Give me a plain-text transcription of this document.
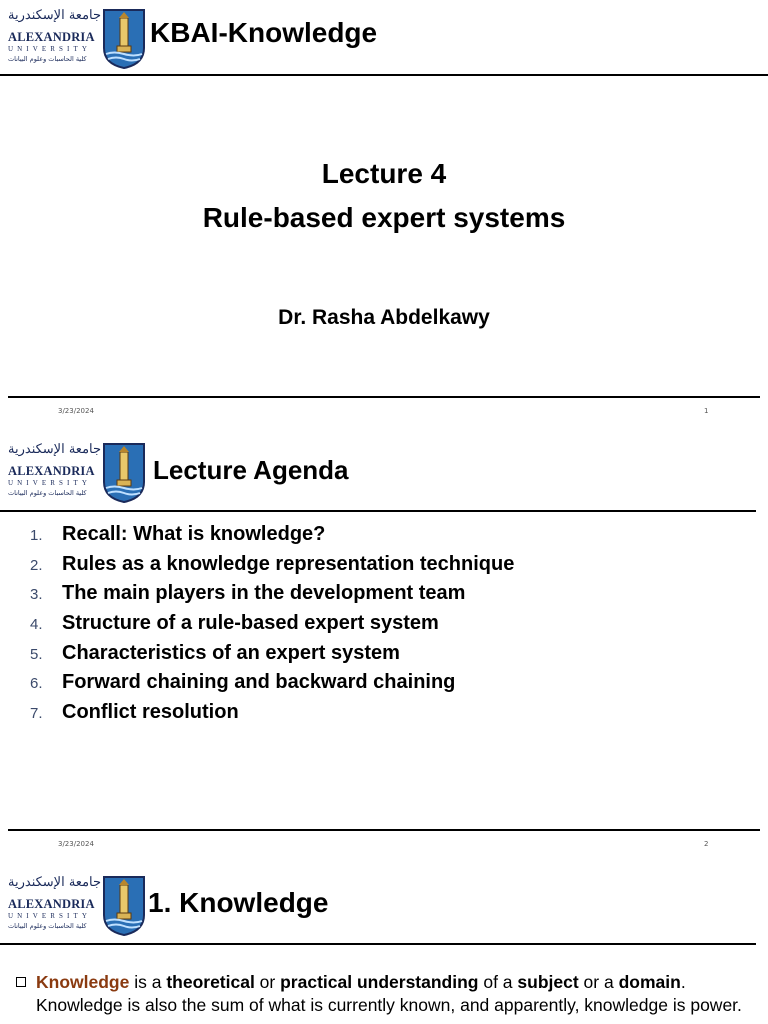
جامعة الإسكندرية
ALEXANDRIA
UNIVERSITY
كلية الحاسبات وعلوم البيانات
KBAI-Knowledge
Lecture 4
Rule-based expert systems
Dr. Rasha Abdelkawy
3/23/2024	1
جامعة الإسكندرية
ALEXANDRIA
UNIVERSITY
كلية الحاسبات وعلوم البيانات
Lecture Agenda
1. Recall: What is knowledge?
2. Rules as a knowledge representation technique
3. The main players in the development team
4. Structure of a rule-based expert system
5. Characteristics of an expert system
6. Forward chaining and backward chaining
7. Conflict resolution
3/23/2024	2
جامعة الإسكندرية
ALEXANDRIA
UNIVERSITY
كلية الحاسبات وعلوم البيانات
1. Knowledge
Knowledge is a theoretical or practical understanding of a subject or a domain. Knowledge is also the sum of what is currently known, and apparently, knowledge is power.
